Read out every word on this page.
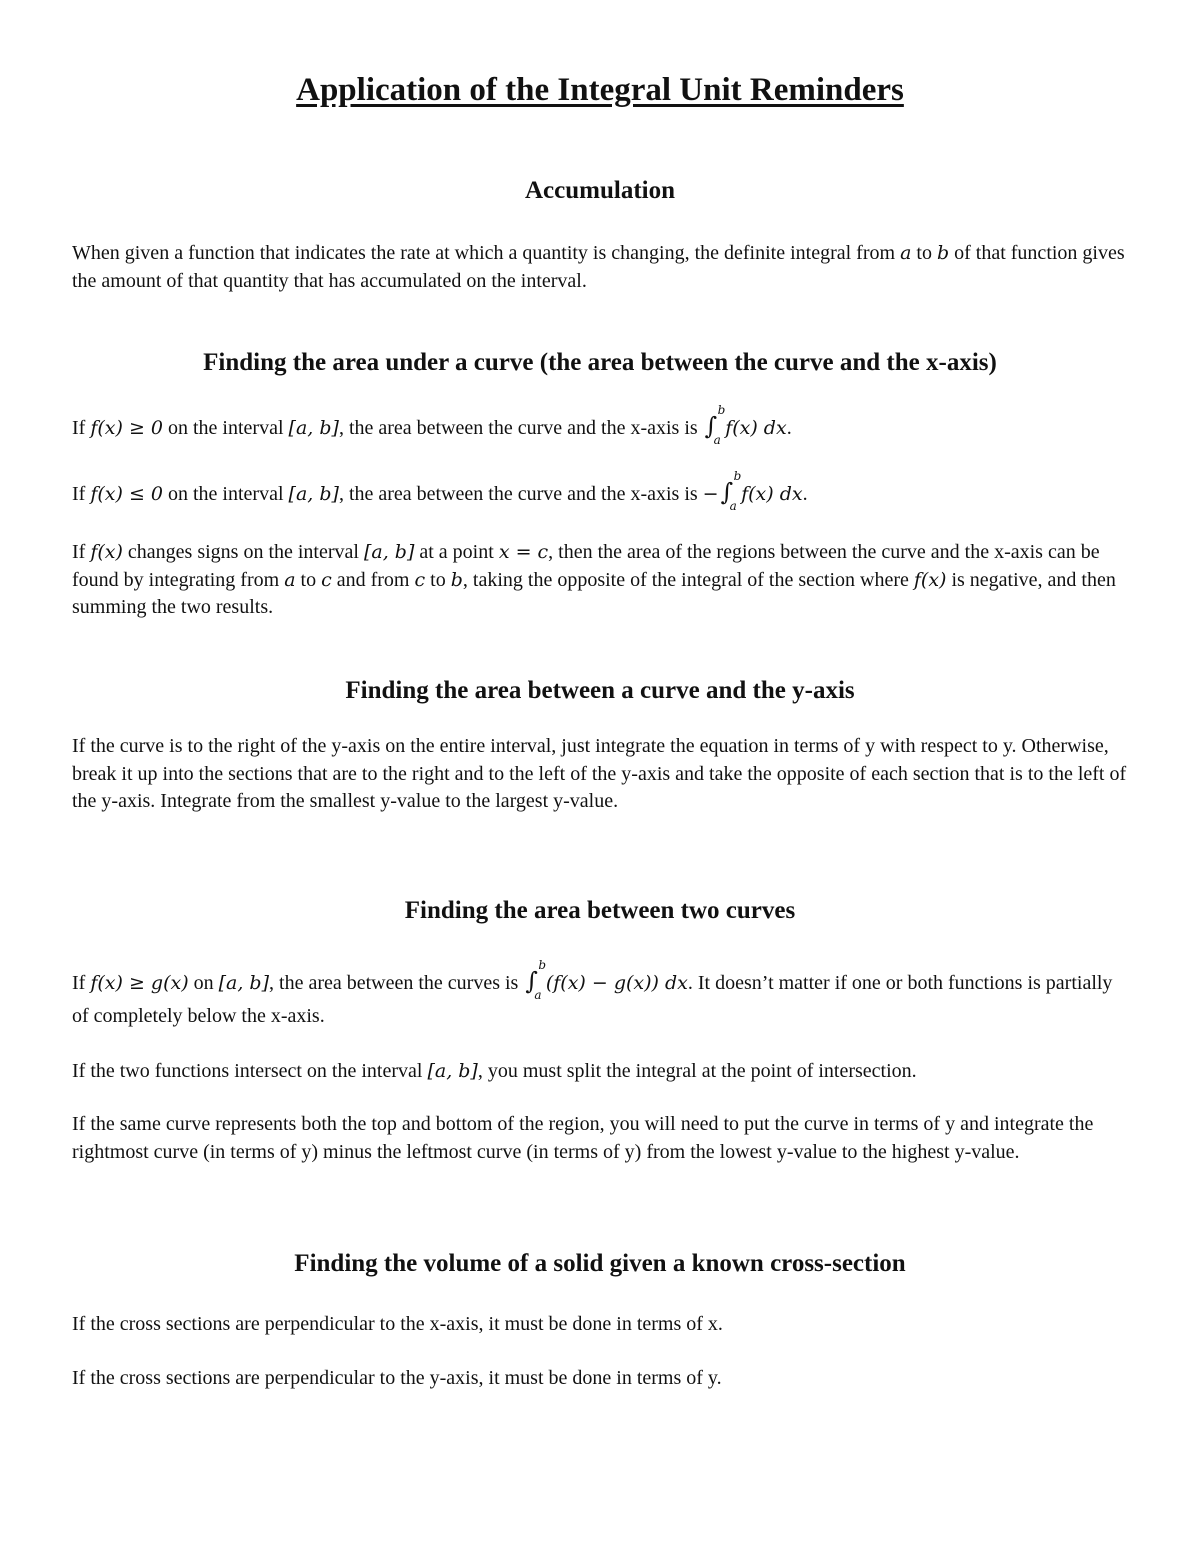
Application of the Integral Unit Reminders
Accumulation
When given a function that indicates the rate at which a quantity is changing, the definite integral from a to b of that function gives the amount of that quantity that has accumulated on the interval.
Finding the area under a curve (the area between the curve and the x-axis)
If f(x) ≥ 0 on the interval [a, b], the area between the curve and the x-axis is ∫
b
a
f(x) dx.
If f(x) ≤ 0 on the interval [a, b], the area between the curve and the x-axis is −∫
b
a
f(x) dx.
If f(x) changes signs on the interval [a, b] at a point x = c, then the area of the regions between the curve and the x-axis can be found by integrating from a to c and from c to b, taking the opposite of the integral of the section where f(x) is negative, and then summing the two results.
Finding the area between a curve and the y-axis
If the curve is to the right of the y-axis on the entire interval, just integrate the equation in terms of y with respect to y. Otherwise, break it up into the sections that are to the right and to the left of the y-axis and take the opposite of each section that is to the left of the y-axis. Integrate from the smallest y-value to the largest y-value.
Finding the area between two curves
If f(x) ≥ g(x) on [a, b], the area between the curves is ∫
b
a
(f(x) − g(x)) dx. It doesn’t matter if one or both functions is partially of completely below the x-axis.
If the two functions intersect on the interval [a, b], you must split the integral at the point of intersection.
If the same curve represents both the top and bottom of the region, you will need to put the curve in terms of y and integrate the rightmost curve (in terms of y) minus the leftmost curve (in terms of y) from the lowest y-value to the highest y-value.
Finding the volume of a solid given a known cross-section
If the cross sections are perpendicular to the x-axis, it must be done in terms of x.
If the cross sections are perpendicular to the y-axis, it must be done in terms of y.
